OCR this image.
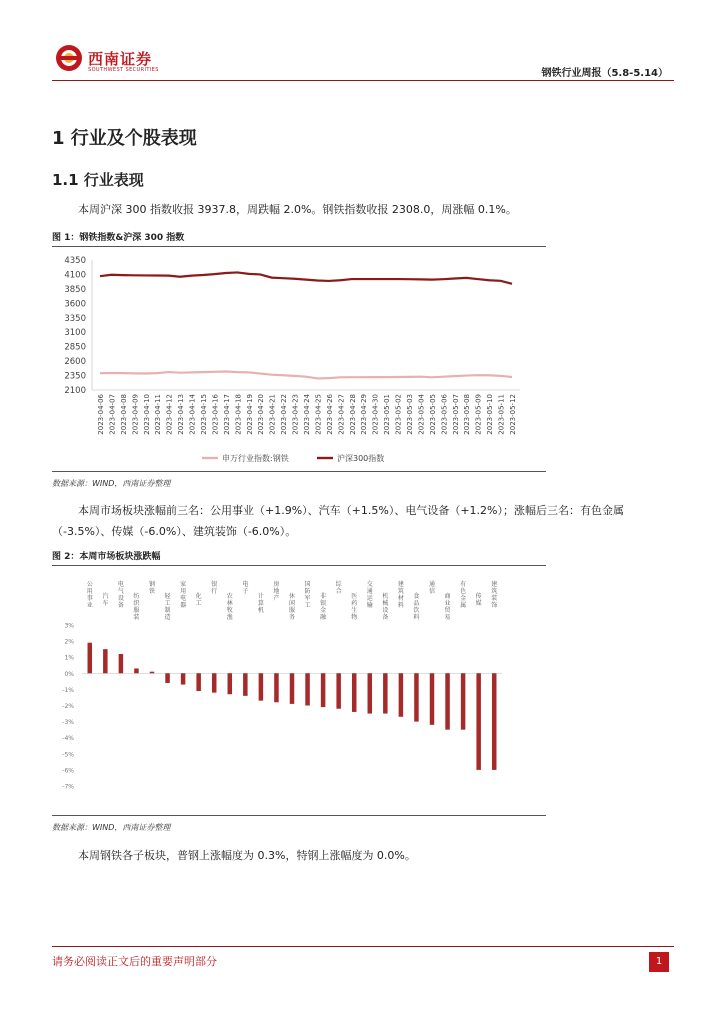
西南证券
SOUTHWEST SECURITIES	钢铁行业周报（5.8-5.14）
1 行业及个股表现
1.1 行业表现

本周沪深 300 指数收报 3937.8，周跌幅 2.0%。钢铁指数收报 2308.0，周涨幅 0.1%。

图 1：钢铁指数&沪深 300 指数
2100
2350
2600
2850
3100
3350
3600
3850
4100
4350
2023-04-06 2023-04-07 2023-04-08 2023-04-09 2023-04-10 2023-04-11 2023-04-12 2023-04-13 2023-04-14 2023-04-15 2023-04-16 2023-04-17 2023-04-18 2023-04-19 2023-04-20 2023-04-21 2023-04-22 2023-04-23 2023-04-24 2023-04-25 2023-04-26 2023-04-27 2023-04-28 2023-04-29 2023-04-30 2023-05-01 2023-05-02 2023-05-03 2023-05-04 2023-05-05 2023-05-06 2023-05-07 2023-05-08 2023-05-09 2023-05-10 2023-05-11 2023-05-12
申万行业指数:钢铁	沪深300指数
数据来源：WIND，西南证券整理

本周市场板块涨幅前三名：公用事业（+1.9%）、汽车（+1.5%）、电气设备（+1.2%）；涨幅后三名：有色金属（-3.5%）、传媒（-6.0%）、建筑装饰（-6.0%）。

图 2：本周市场板块涨跌幅
3%
2%
1%
0%
-1%
-2%
-3%
-4%
-5%
-6%
-7%
公用事业
汽车
电气设备
纺织服装
钢铁
轻工制造
家用电器
化工
银行
农林牧渔
电子
计算机
房地产 休闲服务
国防军工
非银金融
综合
医药生物
交通运输
机械设备
建筑材料
食品饮料
通信
商业贸易
有色金属
传媒
建筑装饰
数据来源：WIND，西南证券整理

本周钢铁各子板块，普钢上涨幅度为 0.3%，特钢上涨幅度为 0.0%。

请务必阅读正文后的重要声明部分	1
